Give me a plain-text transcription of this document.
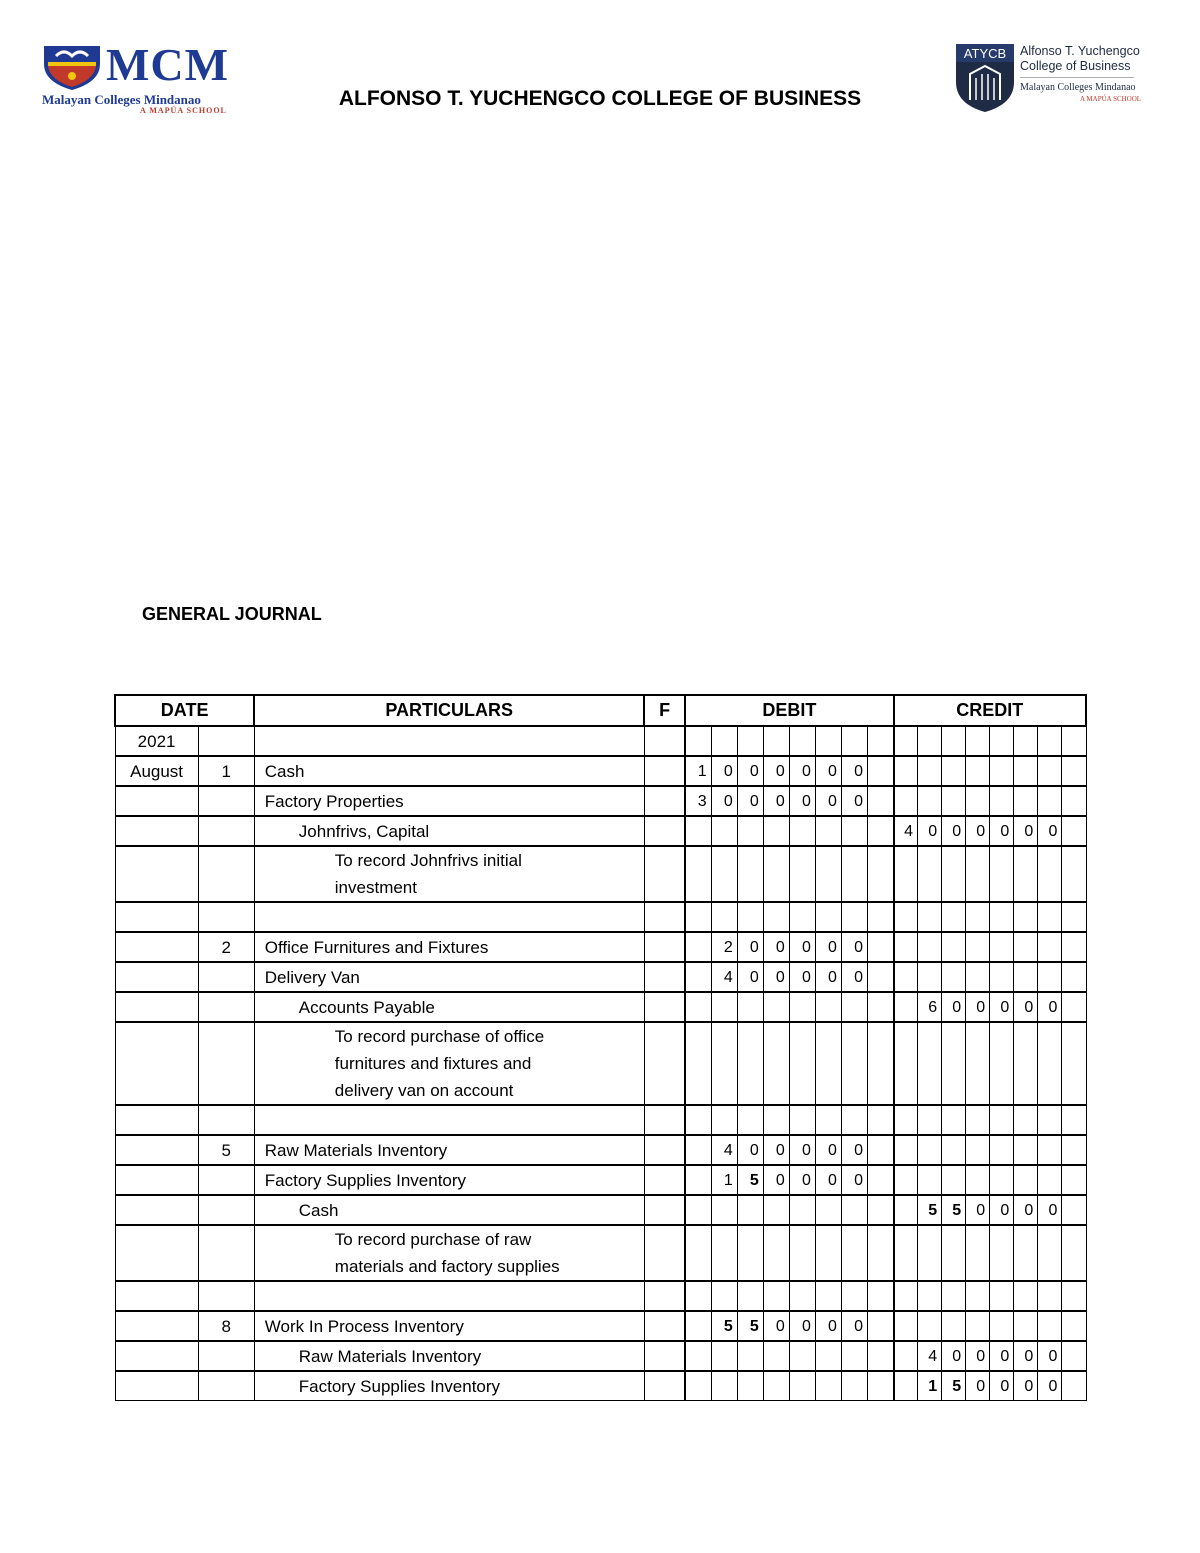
MCM
Malayan Colleges Mindanao
A MAPÚA SCHOOL
ALFONSO T. YUCHENGCO COLLEGE OF BUSINESS
ATYCB Alfonso T. Yuchengco
College of Business
Malayan Colleges Mindanao
A MAPÚA SCHOOL
GENERAL JOURNAL
DATE		PARTICULARS	F	DEBIT								CREDIT							
2021																			
August	1	Cash		1	0	0	0	0	0	0									
		Factory Properties		3	0	0	0	0	0	0									
		Johnfrivs, Capital										4	0	0	0	0	0	0	

		To record Johnfrivs initial
investment																	

	2	Office Furnitures and Fixtures			2	0	0	0	0	0									
		Delivery Van			4	0	0	0	0	0									
		Accounts Payable											6	0	0	0	0	0	

		To record purchase of office
furnitures and fixtures and
delivery van on account																	

	5	Raw Materials Inventory			4	0	0	0	0	0									
		Factory Supplies Inventory			1	5	0	0	0	0									
		Cash											5	5	0	0	0	0	

		To record purchase of raw
materials and factory supplies																	

	8	Work In Process Inventory			5	5	0	0	0	0									
		Raw Materials Inventory											4	0	0	0	0	0	
		Factory Supplies Inventory											1	5	0	0	0	0	
